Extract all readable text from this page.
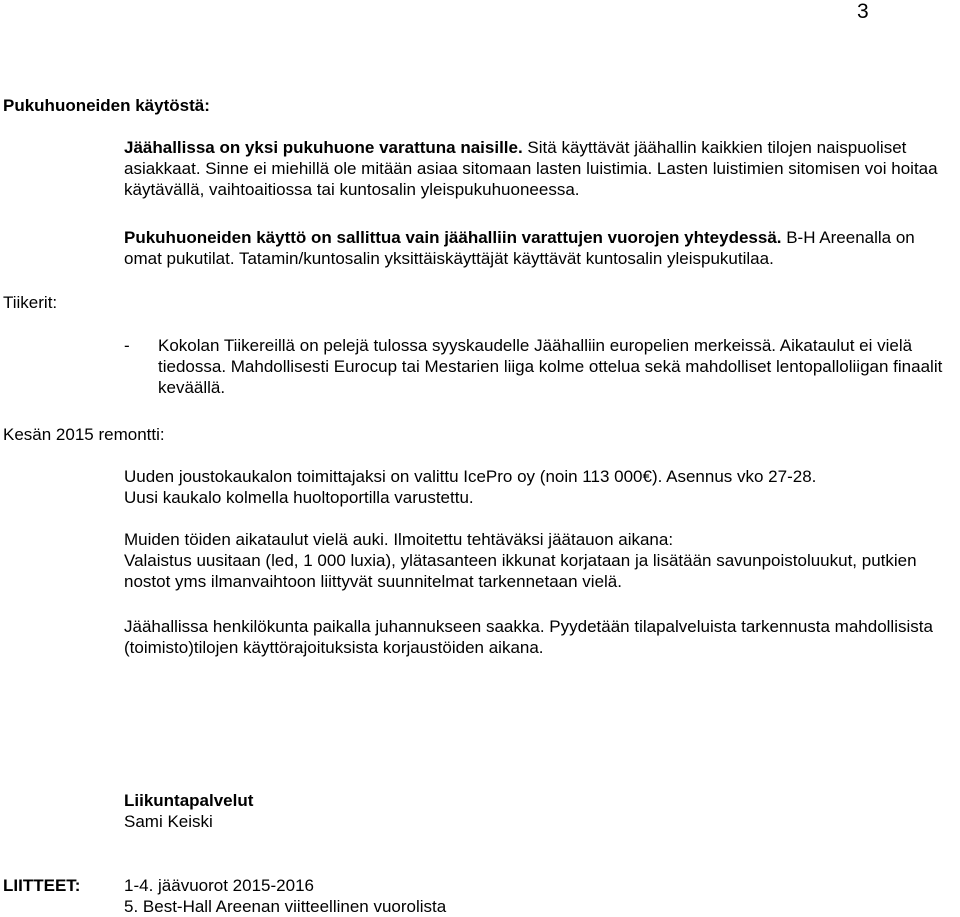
3
Pukuhuoneiden käytöstä:

Jäähallissa on yksi pukuhuone varattuna naisille. Sitä käyttävät jäähallin kaikkien tilojen naispuoliset asiakkaat. Sinne ei miehillä ole mitään asiaa sitomaan lasten luistimia. Lasten luistimien sitomisen voi hoitaa käytävällä, vaihtoaitiossa tai kuntosalin yleispukuhuoneessa.

Pukuhuoneiden käyttö on sallittua vain jäähalliin varattujen vuorojen yhteydessä. B-H Areenalla on omat pukutilat. Tatamin/kuntosalin yksittäiskäyttäjät käyttävät kuntosalin yleispukutilaa.

Tiikerit:
-	Kokolan Tiikereillä on pelejä tulossa syyskaudelle Jäähalliin europelien merkeissä. Aikataulut ei vielä tiedossa. Mahdollisesti Eurocup tai Mestarien liiga kolme ottelua sekä mahdolliset lentopalloliigan finaalit keväällä.
Kesän 2015 remontti:

Uuden joustokaukalon toimittajaksi on valittu IcePro oy (noin 113 000€). Asennus vko 27-28.

Uusi kaukalo kolmella huoltoportilla varustettu.

Muiden töiden aikataulut vielä auki. Ilmoitettu tehtäväksi jäätauon aikana:

Valaistus uusitaan (led, 1 000 luxia), ylätasanteen ikkunat korjataan ja lisätään savunpoistoluukut, putkien nostot yms ilmanvaihtoon liittyvät suunnitelmat tarkennetaan vielä.

Jäähallissa henkilökunta paikalla juhannukseen saakka. Pyydetään tilapalveluista tarkennusta mahdollisista (toimisto)tilojen käyttörajoituksista korjaustöiden aikana.

Liikuntapalvelut

Sami Keiski

LIITTEET:	1-4. jäävuorot 2015-2016
5. Best-Hall Areenan viitteellinen vuorolista
